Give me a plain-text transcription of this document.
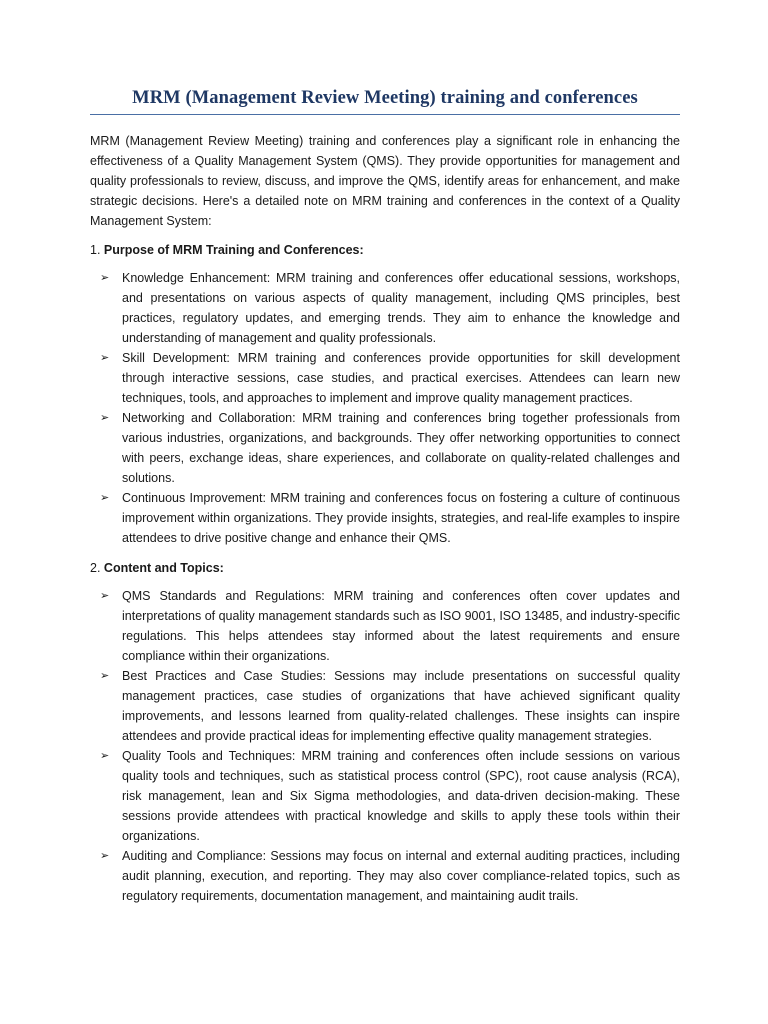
MRM (Management Review Meeting) training and conferences

MRM (Management Review Meeting) training and conferences play a significant role in enhancing the effectiveness of a Quality Management System (QMS). They provide opportunities for management and quality professionals to review, discuss, and improve the QMS, identify areas for enhancement, and make strategic decisions. Here's a detailed note on MRM training and conferences in the context of a Quality Management System:

1. Purpose of MRM Training and Conferences:
➢ Knowledge Enhancement: MRM training and conferences offer educational sessions, workshops, and presentations on various aspects of quality management, including QMS principles, best practices, regulatory updates, and emerging trends. They aim to enhance the knowledge and understanding of management and quality professionals.
➢ Skill Development: MRM training and conferences provide opportunities for skill development through interactive sessions, case studies, and practical exercises. Attendees can learn new techniques, tools, and approaches to implement and improve quality management practices.
➢ Networking and Collaboration: MRM training and conferences bring together professionals from various industries, organizations, and backgrounds. They offer networking opportunities to connect with peers, exchange ideas, share experiences, and collaborate on quality-related challenges and solutions.
➢ Continuous Improvement: MRM training and conferences focus on fostering a culture of continuous improvement within organizations. They provide insights, strategies, and real-life examples to inspire attendees to drive positive change and enhance their QMS.
2. Content and Topics:
➢ QMS Standards and Regulations: MRM training and conferences often cover updates and interpretations of quality management standards such as ISO 9001, ISO 13485, and industry-specific regulations. This helps attendees stay informed about the latest requirements and ensure compliance within their organizations.
➢ Best Practices and Case Studies: Sessions may include presentations on successful quality management practices, case studies of organizations that have achieved significant quality improvements, and lessons learned from quality-related challenges. These insights can inspire attendees and provide practical ideas for implementing effective quality management strategies.
➢ Quality Tools and Techniques: MRM training and conferences often include sessions on various quality tools and techniques, such as statistical process control (SPC), root cause analysis (RCA), risk management, lean and Six Sigma methodologies, and data-driven decision-making. These sessions provide attendees with practical knowledge and skills to apply these tools within their organizations.
➢ Auditing and Compliance: Sessions may focus on internal and external auditing practices, including audit planning, execution, and reporting. They may also cover compliance-related topics, such as regulatory requirements, documentation management, and maintaining audit trails.
